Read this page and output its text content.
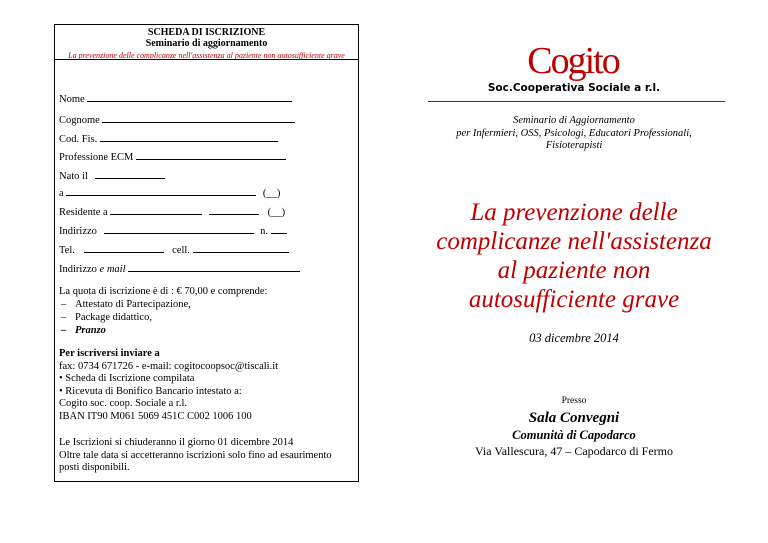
SCHEDA DI ISCRIZIONE
Seminario di aggiornamento
La prevenzione delle complicanze nell'assistenza al paziente non autosufficiente grave
Nome
Cognome
Cod. Fis.
Professione ECM
Nato il
a	(__)
Residente a	(__)
Indirizzo	n.
Tel.	cell.
Indirizzo e mail
La quota di iscrizione è di : € 70,00 e comprende:
– Attestato di Partecipazione,
– Package didattico,
– Pranzo
Per iscriversi inviare a
fax: 0734 671726 - e-mail: cogitocoopsoc@tiscali.it
• Scheda di Iscrizione compilata
• Ricevuta di Bonifico Bancario intestato a:
Cogito soc. coop. Sociale a r.l.
IBAN IT90 M061 5069 451C C002 1006 100
Le Iscrizioni si chiuderanno il giorno 01 dicembre 2014
Oltre tale data si accetteranno iscrizioni solo fino ad esaurimento posti disponibili.
Cogito
Soc.Cooperativa Sociale a r.l.
Seminario di Aggiornamento
per Infermieri, OSS, Psicologi, Educatori Professionali,
Fisioterapisti
La prevenzione delle
complicanze nell'assistenza
al paziente non
autosufficiente grave
03 dicembre 2014
Presso
Sala Convegni
Comunità di Capodarco
Via Vallescura, 47 – Capodarco di Fermo
